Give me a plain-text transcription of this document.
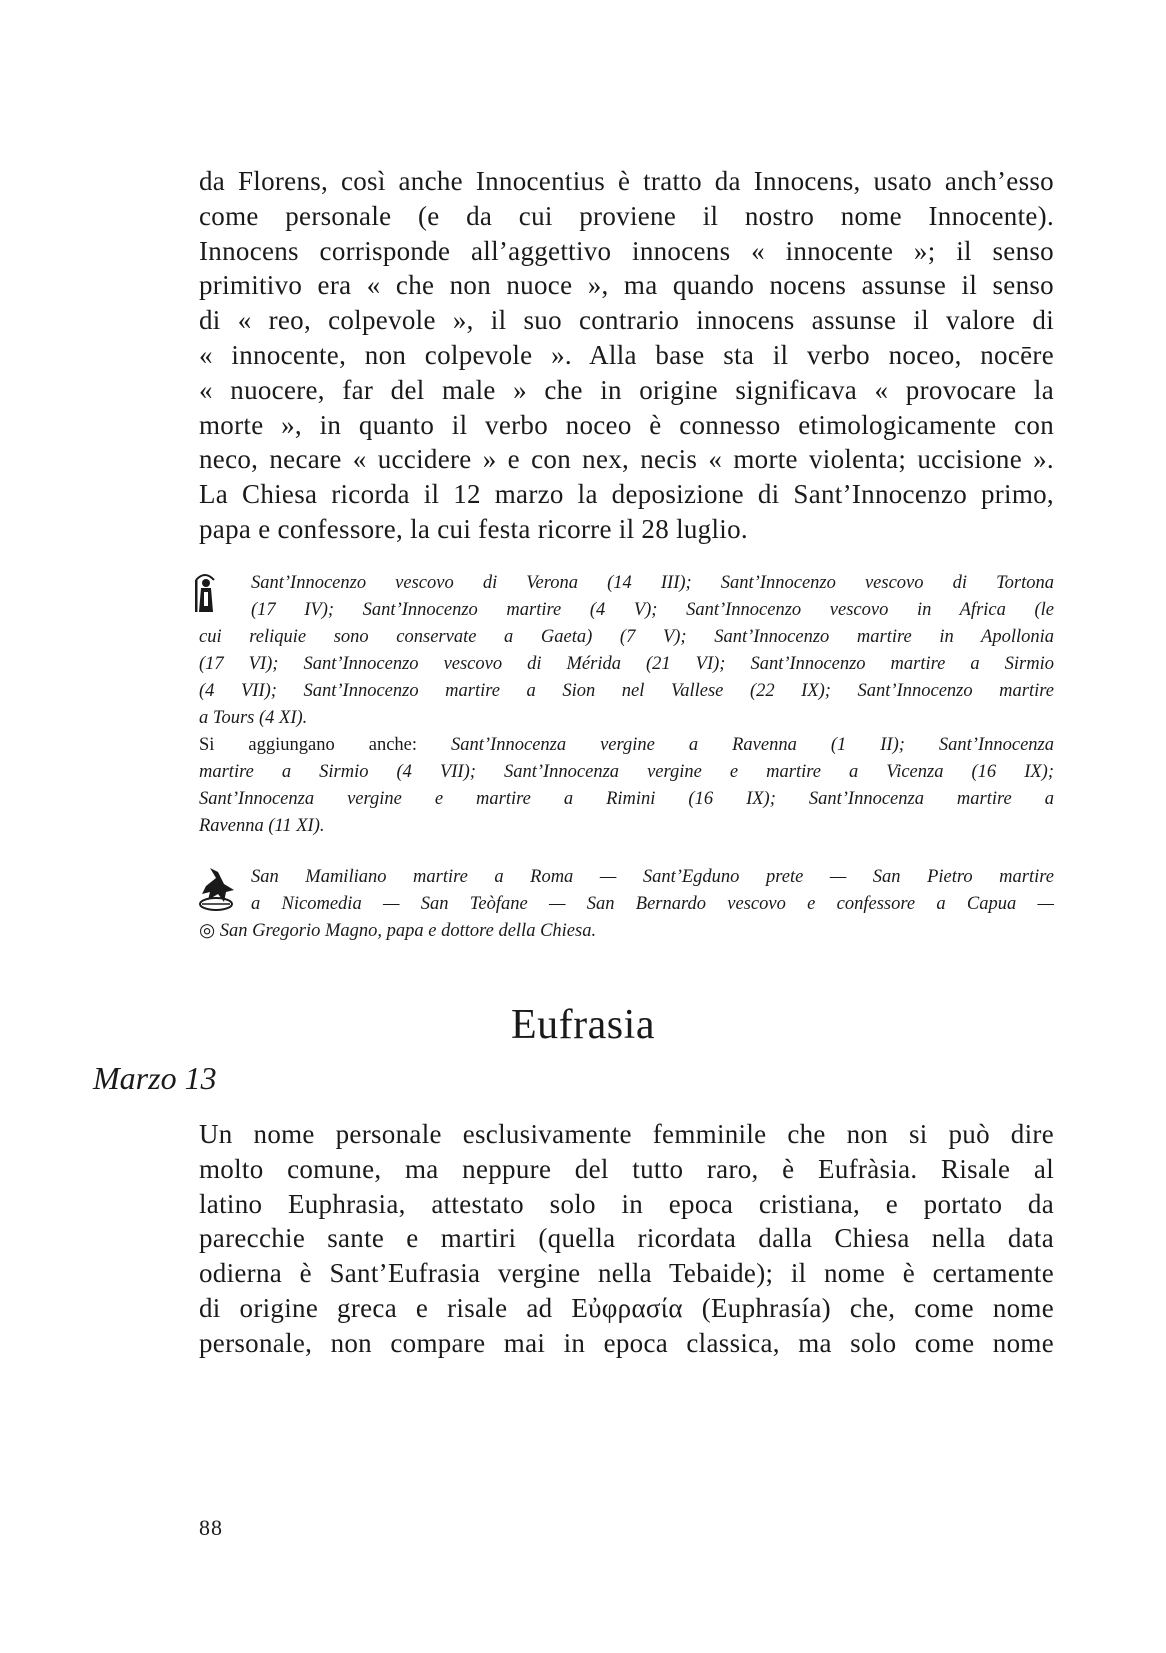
da Florens, così anche Innocentius è tratto da Innocens, usato anch’esso
come personale (e da cui proviene il nostro nome Innocente).
Innocens corrisponde all’aggettivo innocens « innocente »; il senso
primitivo era « che non nuoce », ma quando nocens assunse il senso
di « reo, colpevole », il suo contrario innocens assunse il valore di
« innocente, non colpevole ». Alla base sta il verbo noceo, nocēre
« nuocere, far del male » che in origine significava « provocare la
morte », in quanto il verbo noceo è connesso etimologicamente con
neco, necare « uccidere » e con nex, necis « morte violenta; uccisione ».
La Chiesa ricorda il 12 marzo la deposizione di Sant’Innocenzo primo,
papa e confessore, la cui festa ricorre il 28 luglio.
Sant’Innocenzo vescovo di Verona (14 III); Sant’Innocenzo vescovo di Tortona
(17 IV); Sant’Innocenzo martire (4 V); Sant’Innocenzo vescovo in Africa (le
cui reliquie sono conservate a Gaeta) (7 V); Sant’Innocenzo martire in Apollonia
(17 VI); Sant’Innocenzo vescovo di Mérida (21 VI); Sant’Innocenzo martire a Sirmio
(4 VII); Sant’Innocenzo martire a Sion nel Vallese (22 IX); Sant’Innocenzo martire
a Tours (4 XI).
Si aggiungano anche: Sant’Innocenza vergine a Ravenna (1 II); Sant’Innocenza
martire a Sirmio (4 VII); Sant’Innocenza vergine e martire a Vicenza (16 IX);
Sant’Innocenza vergine e martire a Rimini (16 IX); Sant’Innocenza martire a
Ravenna (11 XI).
San Mamiliano martire a Roma — Sant’Egduno prete — San Pietro martire
a Nicomedia — San Teòfane — San Bernardo vescovo e confessore a Capua —
◎ San Gregorio Magno, papa e dottore della Chiesa.
Eufrasia
Marzo 13
Un nome personale esclusivamente femminile che non si può dire
molto comune, ma neppure del tutto raro, è Eufràsia. Risale al
latino Euphrasia, attestato solo in epoca cristiana, e portato da
parecchie sante e martiri (quella ricordata dalla Chiesa nella data
odierna è Sant’Eufrasia vergine nella Tebaide); il nome è certamente
di origine greca e risale ad Εὐφρασία (Euphrasía) che, come nome
personale, non compare mai in epoca classica, ma solo come nome
88
